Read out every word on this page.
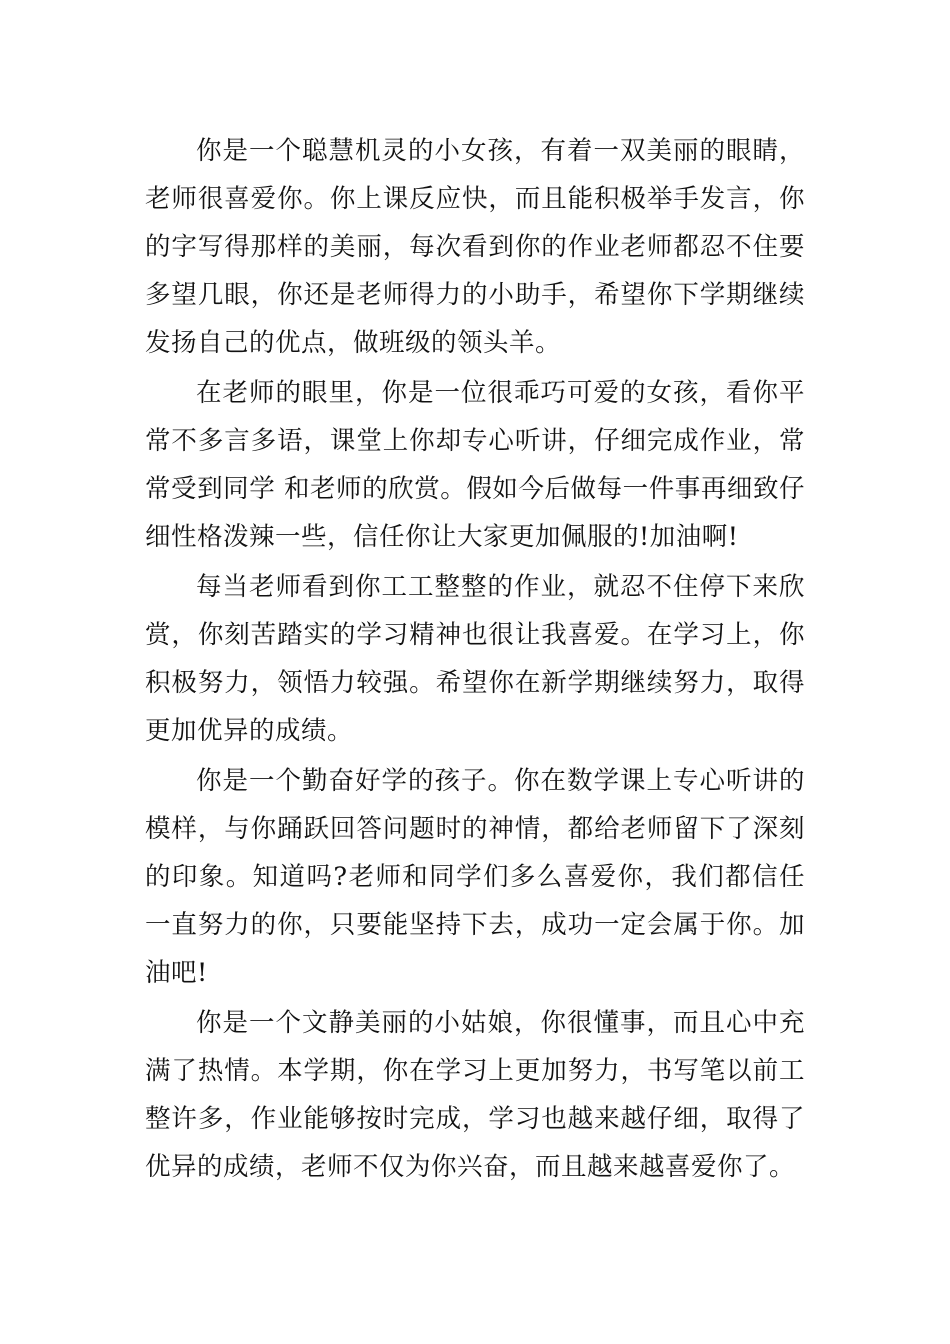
你是一个聪慧机灵的小女孩，有着一双美丽的眼睛，老师很喜爱你。你上课反应快，而且能积极举手发言，你的字写得那样的美丽，每次看到你的作业老师都忍不住要多望几眼，你还是老师得力的小助手，希望你下学期继续发扬自己的优点，做班级的领头羊。

在老师的眼里，你是一位很乖巧可爱的女孩，看你平常不多言多语，课堂上你却专心听讲，仔细完成作业，常常受到同学 和老师的欣赏。假如今后做每一件事再细致仔细性格泼辣一些，信任你让大家更加佩服的!加油啊!

每当老师看到你工工整整的作业，就忍不住停下来欣赏，你刻苦踏实的学习精神也很让我喜爱。在学习上，你积极努力，领悟力较强。希望你在新学期继续努力，取得更加优异的成绩。

你是一个勤奋好学的孩子。你在数学课上专心听讲的模样，与你踊跃回答问题时的神情，都给老师留下了深刻的印象。知道吗?老师和同学们多么喜爱你，我们都信任一直努力的你，只要能坚持下去，成功一定会属于你。加油吧!

你是一个文静美丽的小姑娘，你很懂事，而且心中充满了热情。本学期，你在学习上更加努力，书写笔以前工整许多，作业能够按时完成，学习也越来越仔细，取得了优异的成绩，老师不仅为你兴奋，而且越来越喜爱你了。
